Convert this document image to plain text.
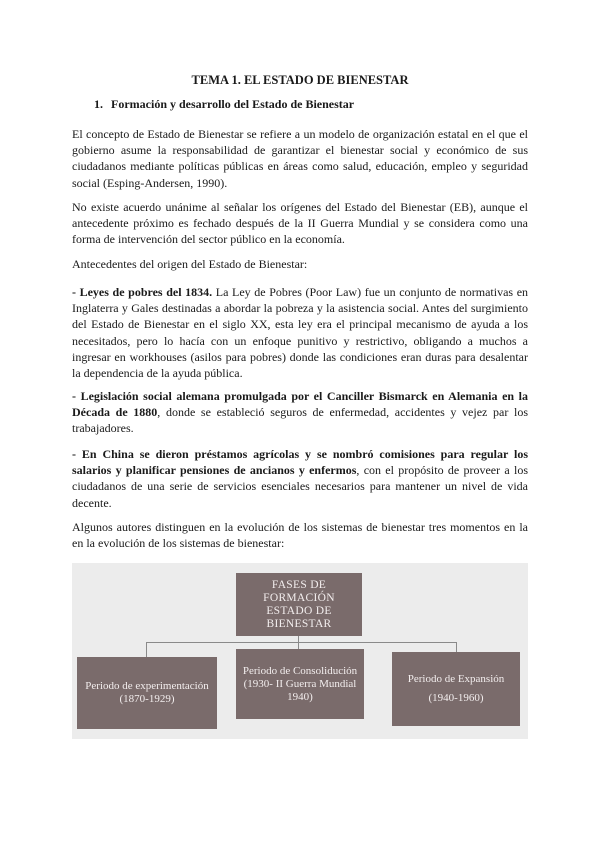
TEMA 1. EL ESTADO DE BIENESTAR
1. Formación y desarrollo del Estado de Bienestar

El concepto de Estado de Bienestar se refiere a un modelo de organización estatal en el que el gobierno asume la responsabilidad de garantizar el bienestar social y económico de sus ciudadanos mediante políticas públicas en áreas como salud, educación, empleo y seguridad social (Esping-Andersen, 1990).

No existe acuerdo unánime al señalar los orígenes del Estado del Bienestar (EB), aunque el antecedente próximo es fechado después de la II Guerra Mundial y se considera como una forma de intervención del sector público en la economía.

Antecedentes del origen del Estado de Bienestar:

- Leyes de pobres del 1834. La Ley de Pobres (Poor Law) fue un conjunto de normativas en Inglaterra y Gales destinadas a abordar la pobreza y la asistencia social. Antes del surgimiento del Estado de Bienestar en el siglo XX, esta ley era el principal mecanismo de ayuda a los necesitados, pero lo hacía con un enfoque punitivo y restrictivo, obligando a muchos a ingresar en workhouses (asilos para pobres) donde las condiciones eran duras para desalentar la dependencia de la ayuda pública.

- Legislación social alemana promulgada por el Canciller Bismarck en Alemania en la Década de 1880, donde se estableció seguros de enfermedad, accidentes y vejez par los trabajadores.

- En China se dieron préstamos agrícolas y se nombró comisiones para regular los salarios y planificar pensiones de ancianos y enfermos, con el propósito de proveer a los ciudadanos de una serie de servicios esenciales necesarios para mantener un nivel de vida decente.

Algunos autores distinguen en la evolución de los sistemas de bienestar tres momentos en la en la evolución de los sistemas de bienestar:

FASES DE FORMACIÓN
ESTADO DE BIENESTAR
Periodo de experimentación
(1870-1929)
Periodo de Consolidución
(1930- II Guerra Mundial
1940)
Periodo de Expansión
(1940-1960)
